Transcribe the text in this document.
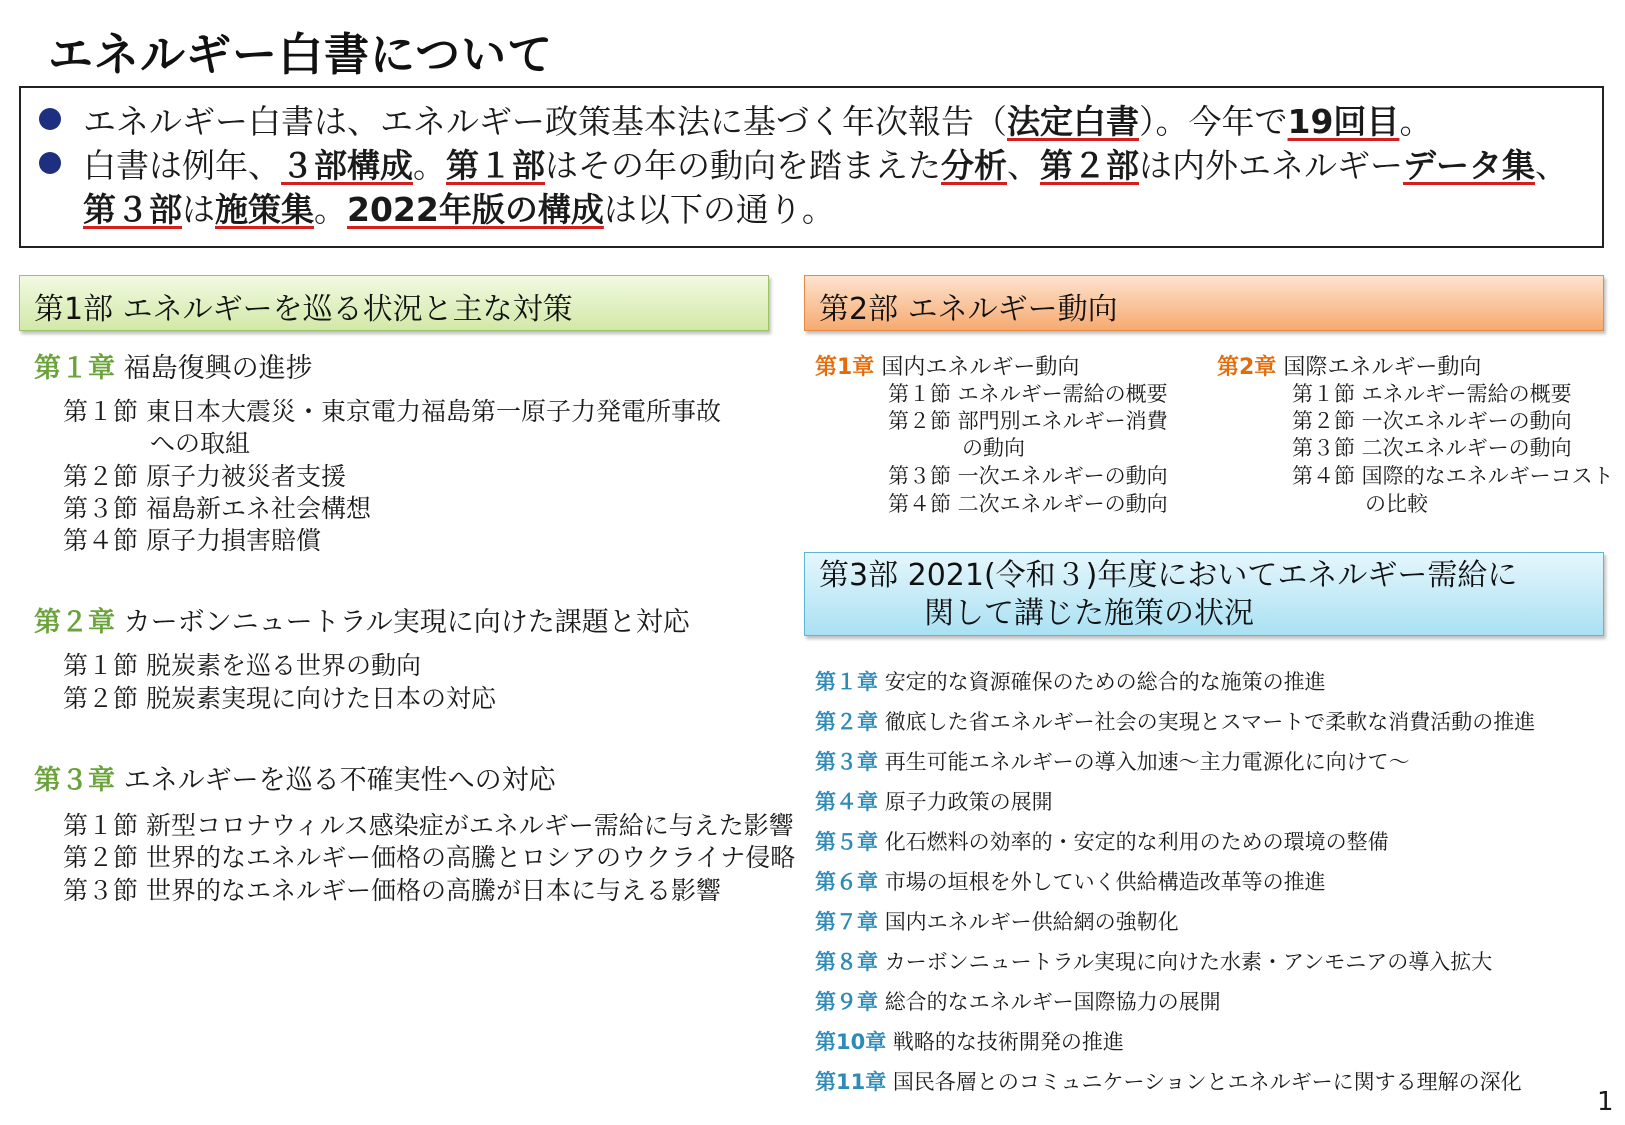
エネルギー白書について
エネルギー白書は、エネルギー政策基本法に基づく年次報告（法定白書）。今年で19回目。
白書は例年、３部構成。第１部はその年の動向を踏まえた分析、第２部は内外エネルギーデータ集、
第３部は施策集。2022年版の構成は以下の通り。
第1部 エネルギーを巡る状況と主な対策
第１章 福島復興の進捗
第１節 東日本大震災・東京電力福島第一原子力発電所事故
への取組
第２節 原子力被災者支援
第３節 福島新エネ社会構想
第４節 原子力損害賠償
第２章 カーボンニュートラル実現に向けた課題と対応
第１節 脱炭素を巡る世界の動向
第２節 脱炭素実現に向けた日本の対応
第３章 エネルギーを巡る不確実性への対応
第１節 新型コロナウィルス感染症がエネルギー需給に与えた影響
第２節 世界的なエネルギー価格の高騰とロシアのウクライナ侵略
第３節 世界的なエネルギー価格の高騰が日本に与える影響
第2部 エネルギー動向
第1章 国内エネルギー動向
第１節 エネルギー需給の概要
第２節 部門別エネルギー消費
の動向
第３節 一次エネルギーの動向
第４節 二次エネルギーの動向
第2章 国際エネルギー動向
第１節 エネルギー需給の概要
第２節 一次エネルギーの動向
第３節 二次エネルギーの動向
第４節 国際的なエネルギーコスト
の比較
第3部 2021(令和３)年度においてエネルギー需給に
関して講じた施策の状況
第１章 安定的な資源確保のための総合的な施策の推進
第２章 徹底した省エネルギー社会の実現とスマートで柔軟な消費活動の推進
第３章 再生可能エネルギーの導入加速～主力電源化に向けて～
第４章 原子力政策の展開
第５章 化石燃料の効率的・安定的な利用のための環境の整備
第６章 市場の垣根を外していく供給構造改革等の推進
第７章 国内エネルギー供給網の強靭化
第８章 カーボンニュートラル実現に向けた水素・アンモニアの導入拡大
第９章 総合的なエネルギー国際協力の展開
第10章 戦略的な技術開発の推進
第11章 国民各層とのコミュニケーションとエネルギーに関する理解の深化
1
